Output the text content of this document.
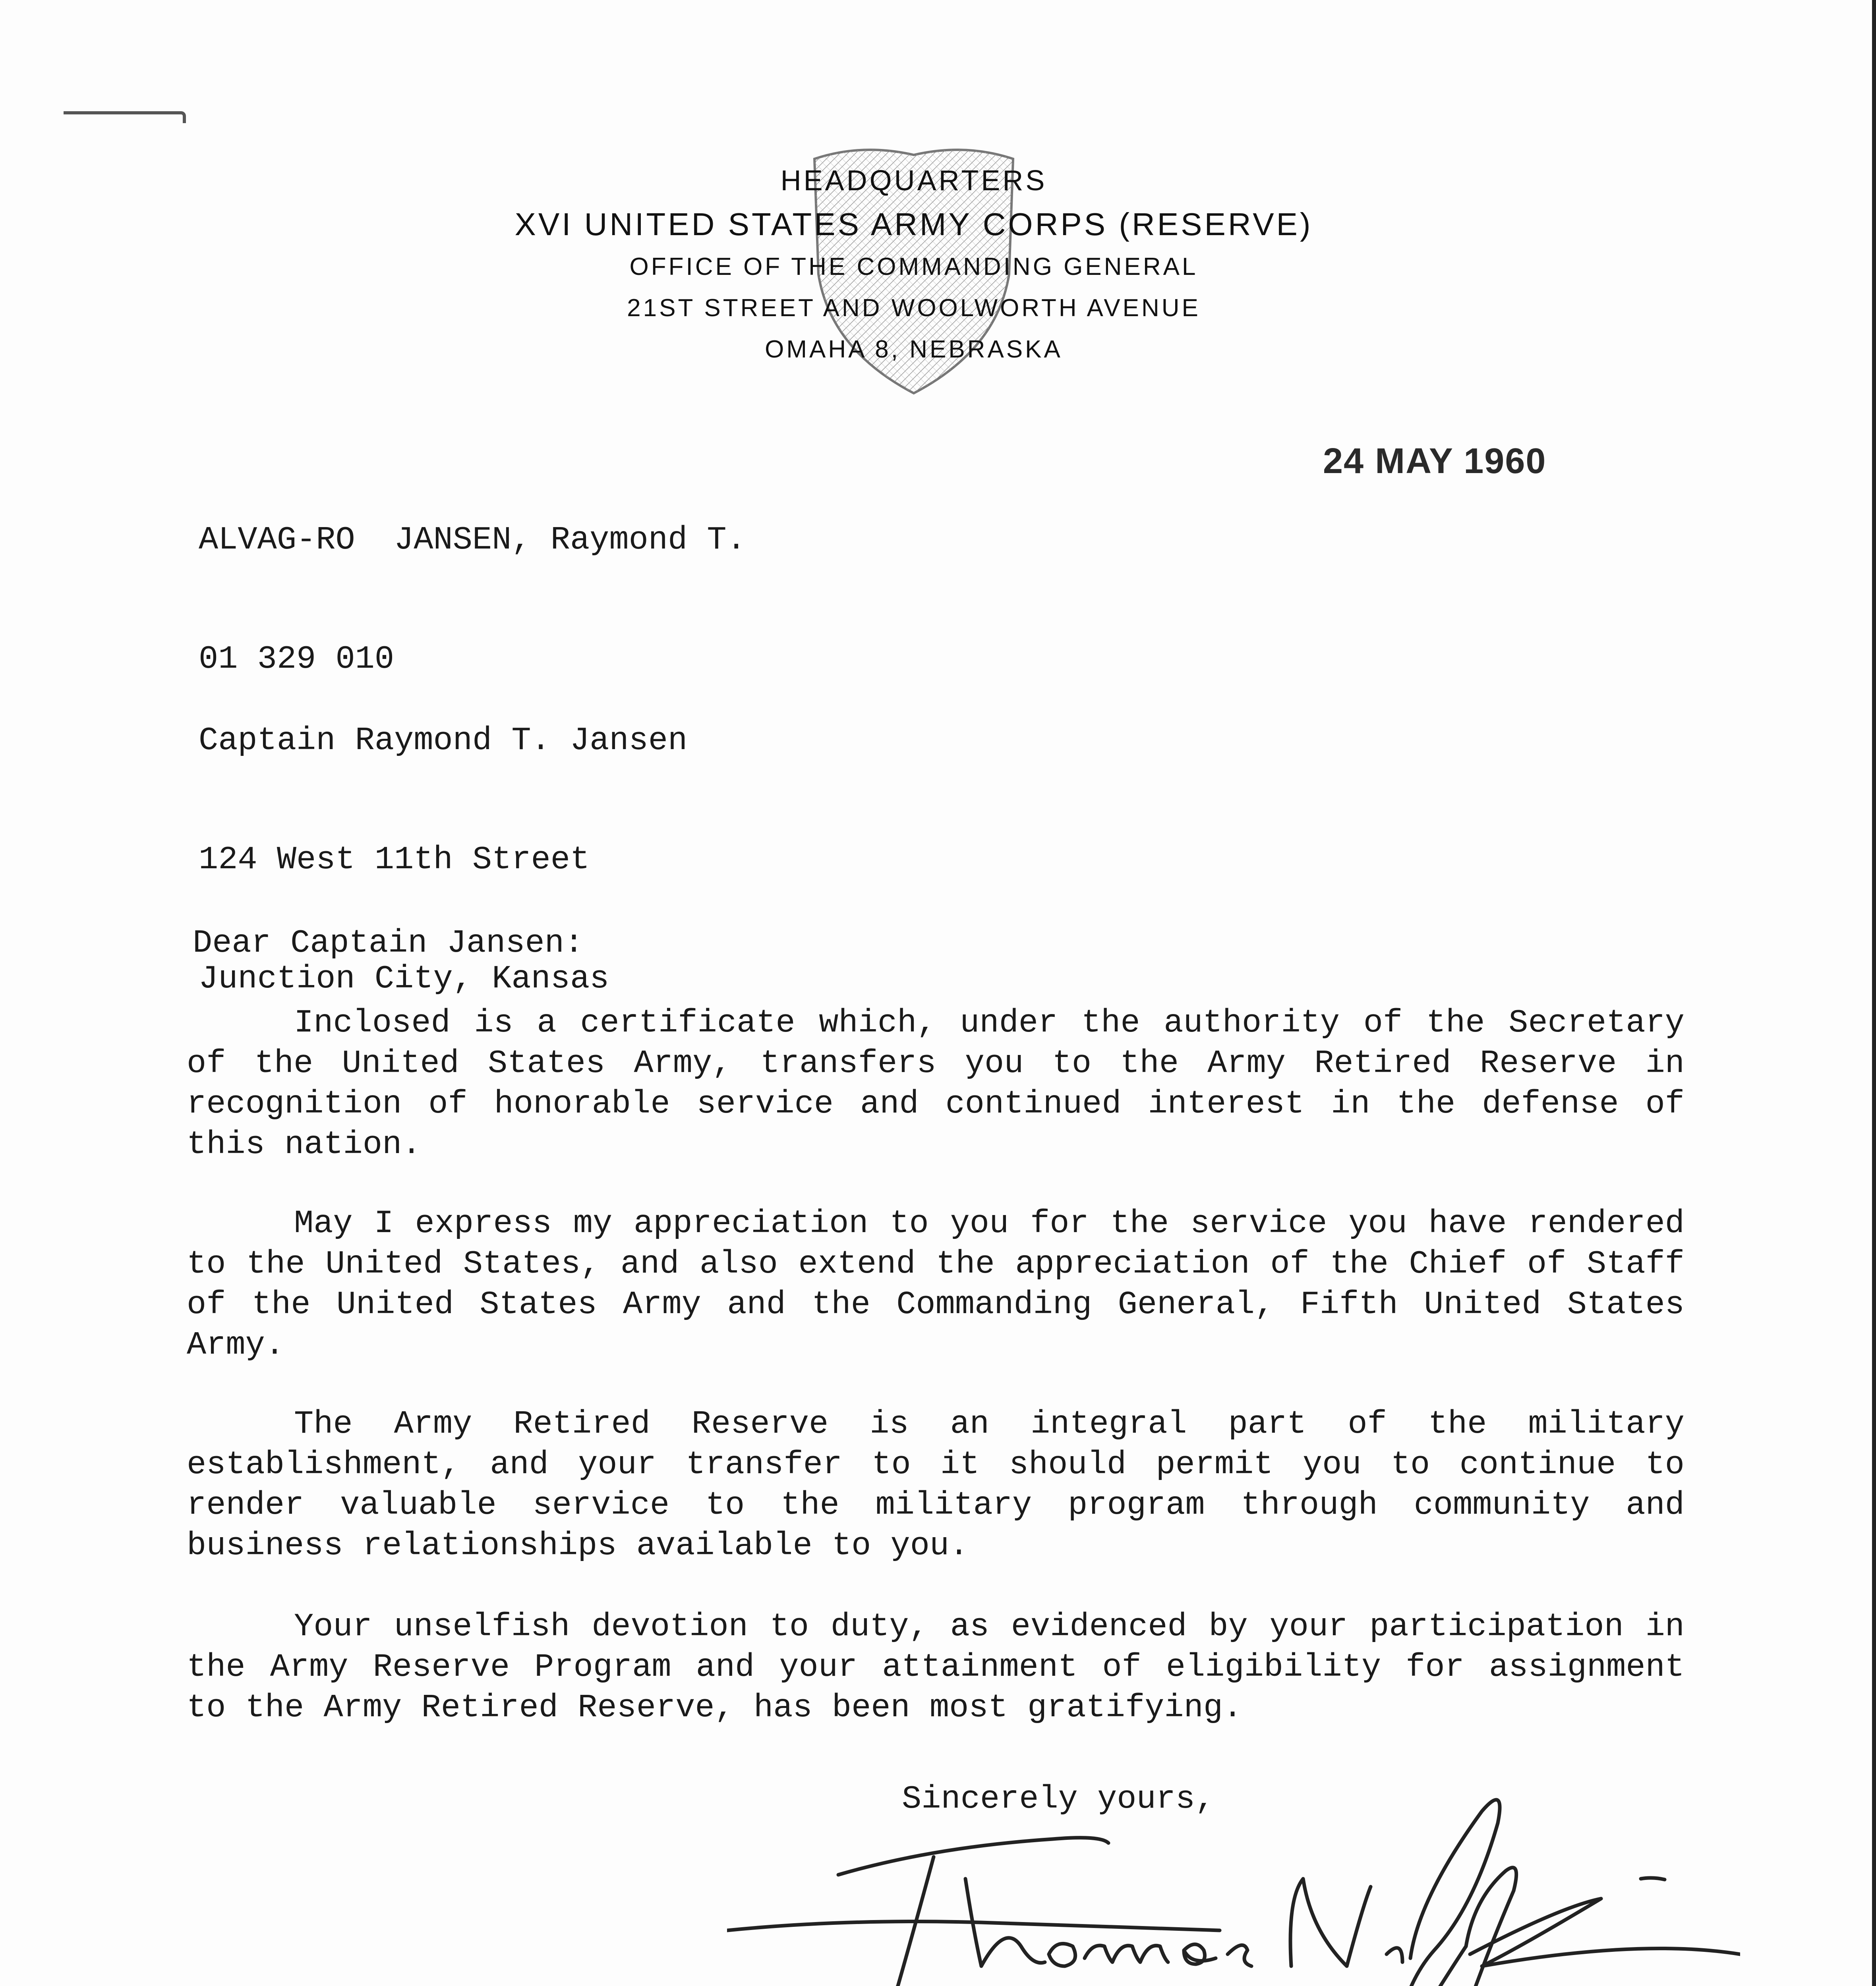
HEADQUARTERS
XVI UNITED STATES ARMY CORPS (RESERVE)
OFFICE OF THE COMMANDING GENERAL
21ST STREET AND WOOLWORTH AVENUE
OMAHA 8, NEBRASKA

ALVAG-RO  JANSEN, Raymond T.

01 329 010

24 MAY 1960

Captain Raymond T. Jansen

124 West 11th Street

Junction City, Kansas

Dear Captain Jansen:
Inclosed is a certificate which, under the authority of the Secretary of the United States Army, transfers you to the Army Retired Reserve in recognition of honorable service and continued interest in the defense of this nation.
May I express my appreciation to you for the service you have rendered to the United States, and also extend the appreciation of the Chief of Staff of the United States Army and the Commanding General, Fifth United States Army.
The Army Retired Reserve is an integral part of the military establishment, and your transfer to it should permit you to continue to render valuable service to the military program through community and business relationships available to you.
Your unselfish devotion to duty, as evidenced by your participation in the Army Reserve Program and your attainment of eligibility for assignment to the Army Retired Reserve, has been most gratifying.
Sincerely yours,
